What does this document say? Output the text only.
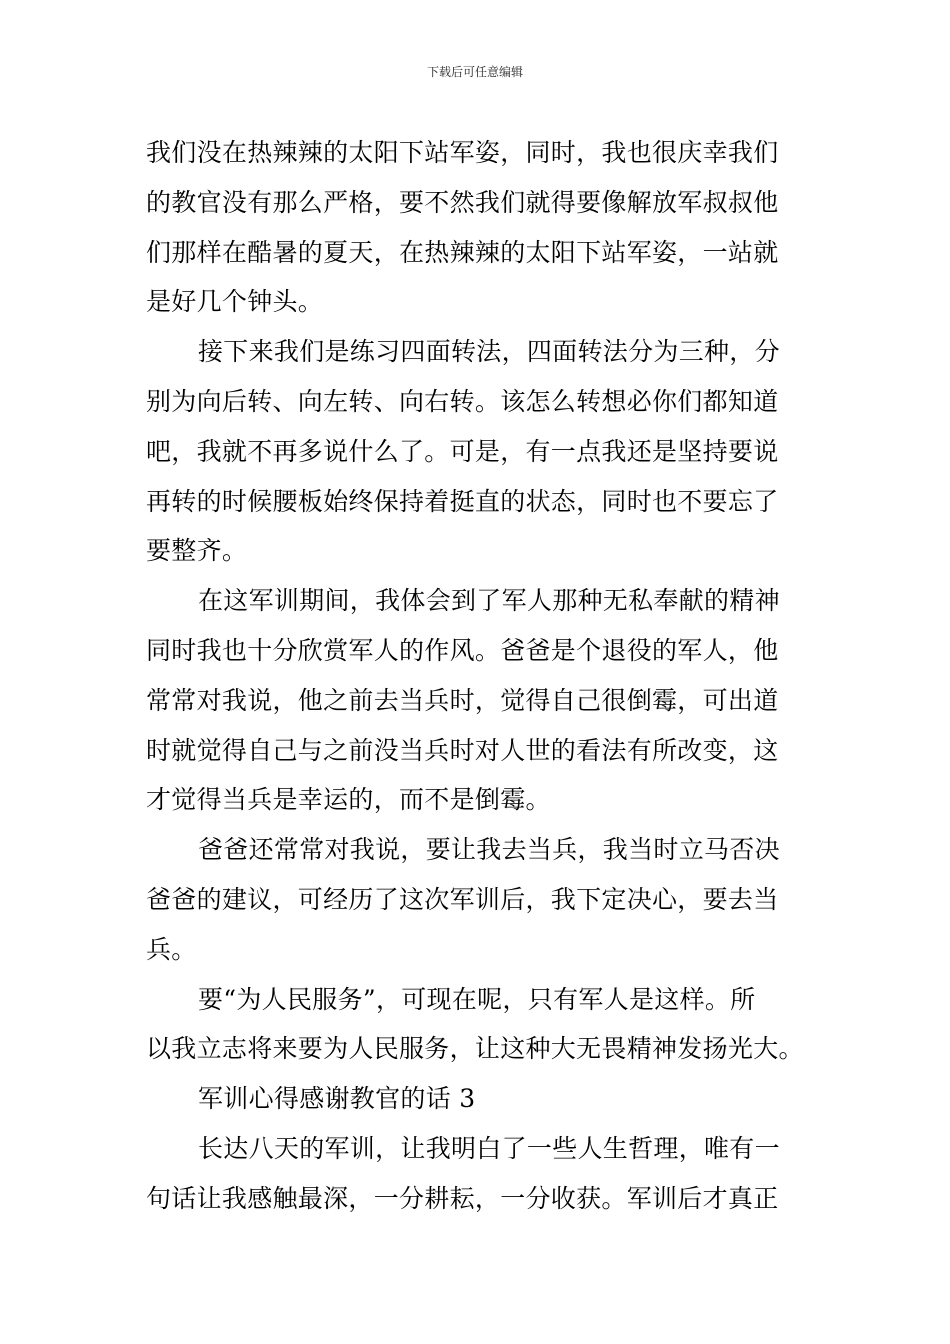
下载后可任意编辑
我们没在热辣辣的太阳下站军姿，同时，我也很庆幸我们
的教官没有那么严格，要不然我们就得要像解放军叔叔他
们那样在酷暑的夏天，在热辣辣的太阳下站军姿，一站就
是好几个钟头。
接下来我们是练习四面转法，四面转法分为三种，分
别为向后转、向左转、向右转。该怎么转想必你们都知道
吧，我就不再多说什么了。可是，有一点我还是坚持要说
再转的时候腰板始终保持着挺直的状态，同时也不要忘了
要整齐。
在这军训期间，我体会到了军人那种无私奉献的精神
同时我也十分欣赏军人的作风。爸爸是个退役的军人，他
常常对我说，他之前去当兵时，觉得自己很倒霉，可出道
时就觉得自己与之前没当兵时对人世的看法有所改变，这
才觉得当兵是幸运的，而不是倒霉。
爸爸还常常对我说，要让我去当兵，我当时立马否决
爸爸的建议，可经历了这次军训后，我下定决心，要去当
兵。
要“为人民服务”，可现在呢，只有军人是这样。所
以我立志将来要为人民服务，让这种大无畏精神发扬光大。
军训心得感谢教官的话 3
长达八天的军训，让我明白了一些人生哲理，唯有一
句话让我感触最深，一分耕耘，一分收获。军训后才真正
